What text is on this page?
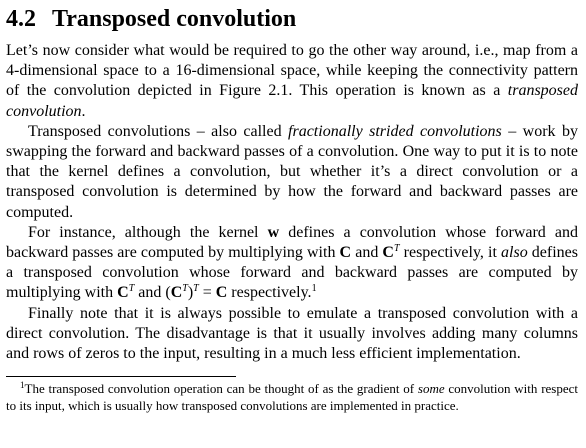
4.2 Transposed convolution

Let’s now consider what would be required to go the other way around, i.e., map from a 4-dimensional space to a 16-dimensional space, while keeping the connectivity pattern of the convolution depicted in Figure 2.1. This operation is known as a transposed convolution.

Transposed convolutions – also called fractionally strided convolutions – work by swapping the forward and backward passes of a convolution. One way to put it is to note that the kernel defines a convolution, but whether it’s a direct convolution or a transposed convolution is determined by how the forward and backward passes are computed.

For instance, although the kernel w defines a convolution whose forward and backward passes are computed by multiplying with C and $C^T$ respectively, it also defines a transposed convolution whose forward and backward passes are computed by multiplying with $C^T$ and $(C^T)^T = C$ respectively.$^1$

Finally note that it is always possible to emulate a transposed convolution with a direct convolution. The disadvantage is that it usually involves adding many columns and rows of zeros to the input, resulting in a much less efficient implementation.

$^1$The transposed convolution operation can be thought of as the gradient of some convolution with respect to its input, which is usually how transposed convolutions are implemented in practice.
